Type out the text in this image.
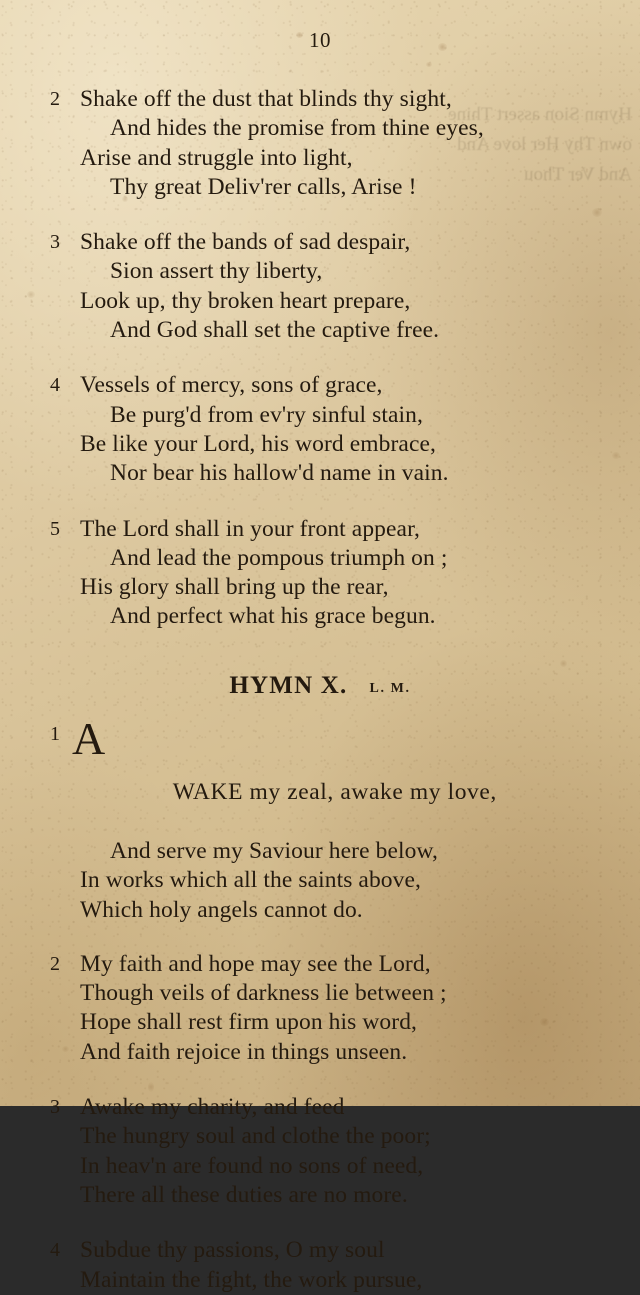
Hymn Sion assert Thine own Thy Her love And And Ver Thou
10
2 Shake off the dust that blinds thy sight,
And hides the promise from thine eyes,
Arise and struggle into light,
Thy great Deliv'rer calls, Arise !
3 Shake off the bands of sad despair,
Sion assert thy liberty,
Look up, thy broken heart prepare,
And God shall set the captive free.
4 Vessels of mercy, sons of grace,
Be purg'd from ev'ry sinful stain,
Be like your Lord, his word embrace,
Nor bear his hallow'd name in vain.
5 The Lord shall in your front appear,
And lead the pompous triumph on ;
His glory shall bring up the rear,
And perfect what his grace begun.
HYMN X. L. M.
1

A

WAKE my zeal, awake my love,

And serve my Saviour here below,
In works which all the saints above,
Which holy angels cannot do.
2 My faith and hope may see the Lord,
Though veils of darkness lie between ;
Hope shall rest firm upon his word,
And faith rejoice in things unseen.
3 Awake my charity, and feed
The hungry soul and clothe the poor;
In heav'n are found no sons of need,
There all these duties are no more.
4 Subdue thy passions, O my soul
Maintain the fight, the work pursue,
